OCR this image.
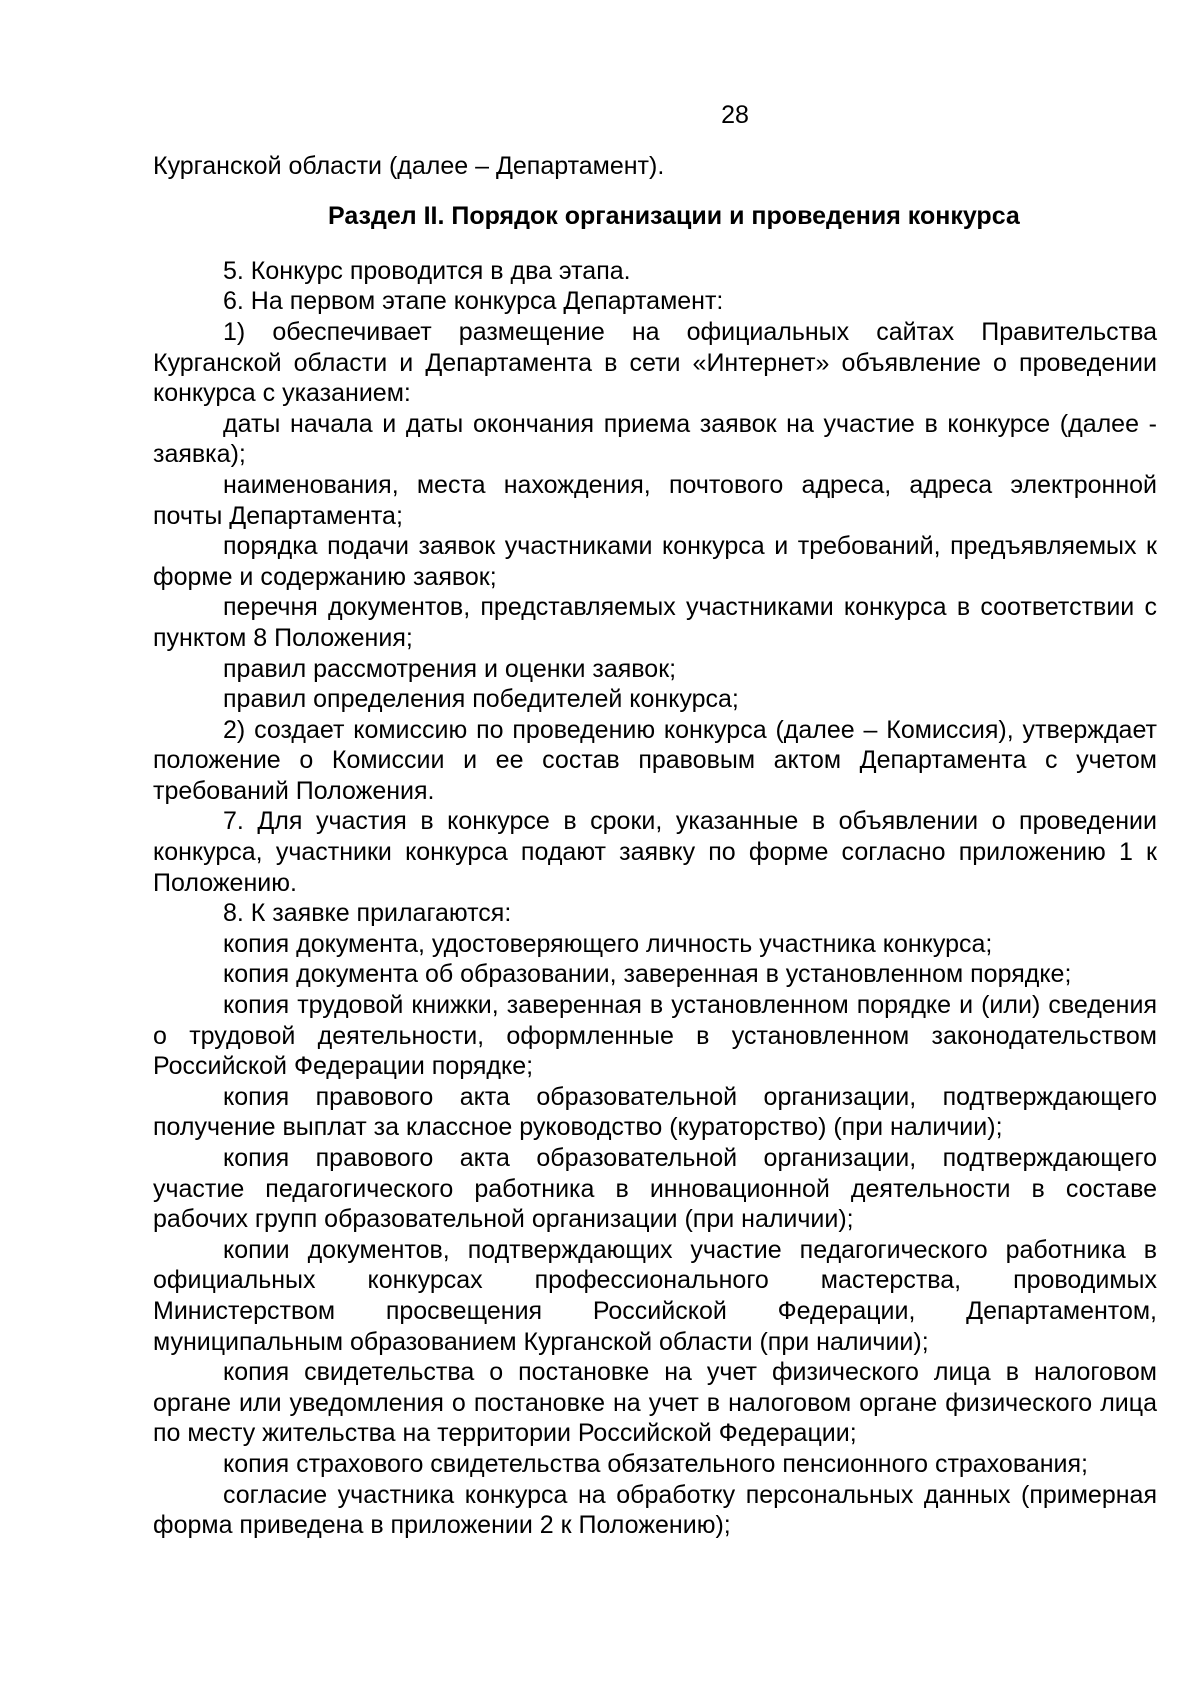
28

Курганской области (далее – Департамент).

Раздел II. Порядок организации и проведения конкурса

5. Конкурс проводится в два этапа.

6. На первом этапе конкурса Департамент:

1) обеспечивает размещение на официальных сайтах Правительства Курганской области и Департамента в сети «Интернет» объявление о проведении конкурса с указанием:

даты начала и даты окончания приема заявок на участие в конкурсе (далее - заявка);

наименования, места нахождения, почтового адреса, адреса электронной почты Департамента;

порядка подачи заявок участниками конкурса и требований, предъявляемых к форме и содержанию заявок;

перечня документов, представляемых участниками конкурса в соответствии с пунктом 8 Положения;

правил рассмотрения и оценки заявок;

правил определения победителей конкурса;

2) создает комиссию по проведению конкурса (далее – Комиссия), утверждает положение о Комиссии и ее состав правовым актом Департамента с учетом требований Положения.

7. Для участия в конкурсе в сроки, указанные в объявлении о проведении конкурса, участники конкурса подают заявку по форме согласно приложению 1 к Положению.

8. К заявке прилагаются:

копия документа, удостоверяющего личность участника конкурса;

копия документа об образовании, заверенная в установленном порядке;

копия трудовой книжки, заверенная в установленном порядке и (или) сведения о трудовой деятельности, оформленные в установленном законодательством Российской Федерации порядке;

копия правового акта образовательной организации, подтверждающего получение выплат за классное руководство (кураторство) (при наличии);

копия правового акта образовательной организации, подтверждающего участие педагогического работника в инновационной деятельности в составе рабочих групп образовательной организации (при наличии);

копии документов, подтверждающих участие педагогического работника в официальных конкурсах профессионального мастерства, проводимых Министерством просвещения Российской Федерации, Департаментом, муниципальным образованием Курганской области (при наличии);

копия свидетельства о постановке на учет физического лица в налоговом органе или уведомления о постановке на учет в налоговом органе физического лица по месту жительства на территории Российской Федерации;

копия страхового свидетельства обязательного пенсионного страхования;

согласие участника конкурса на обработку персональных данных (примерная форма приведена в приложении 2 к Положению);
